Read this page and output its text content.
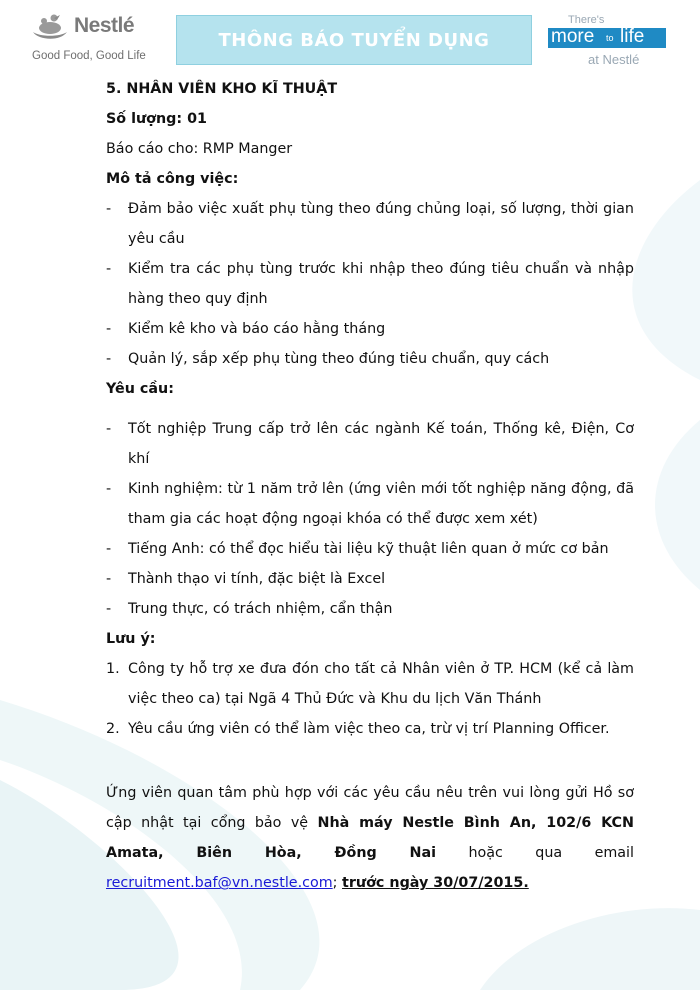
Nestlé
Good Food, Good Life
THÔNG BÁO TUYỂN DỤNG
There's
more to life
at Nestlé

5. NHÂN VIÊN KHO KĨ THUẬT

Số lượng: 01

Báo cáo cho: RMP Manger

Mô tả công việc:

- Đảm bảo việc xuất phụ tùng theo đúng chủng loại, số lượng, thời gian yêu cầu
- Kiểm tra các phụ tùng trước khi nhập theo đúng tiêu chuẩn và nhập hàng theo quy định
- Kiểm kê kho và báo cáo hằng tháng
- Quản lý, sắp xếp phụ tùng theo đúng tiêu chuẩn, quy cách

Yêu cầu:

- Tốt nghiệp Trung cấp trở lên các ngành Kế toán, Thống kê, Điện, Cơ khí
- Kinh nghiệm: từ 1 năm trở lên (ứng viên mới tốt nghiệp năng động, đã tham gia các hoạt động ngoại khóa có thể được xem xét)
- Tiếng Anh: có thể đọc hiểu tài liệu kỹ thuật liên quan ở mức cơ bản
- Thành thạo vi tính, đặc biệt là Excel
- Trung thực, có trách nhiệm, cẩn thận

Lưu ý:

1. Công ty hỗ trợ xe đưa đón cho tất cả Nhân viên ở TP. HCM (kể cả làm việc theo ca) tại Ngã 4 Thủ Đức và Khu du lịch Văn Thánh
2. Yêu cầu ứng viên có thể làm việc theo ca, trừ vị trí Planning Officer.

Ứng viên quan tâm phù hợp với các yêu cầu nêu trên vui lòng gửi Hồ sơ cập nhật tại cổng bảo vệ Nhà máy Nestle Bình An, 102/6 KCN Amata, Biên Hòa, Đồng Nai hoặc qua email recruitment.baf@vn.nestle.com; trước ngày 30/07/2015.
